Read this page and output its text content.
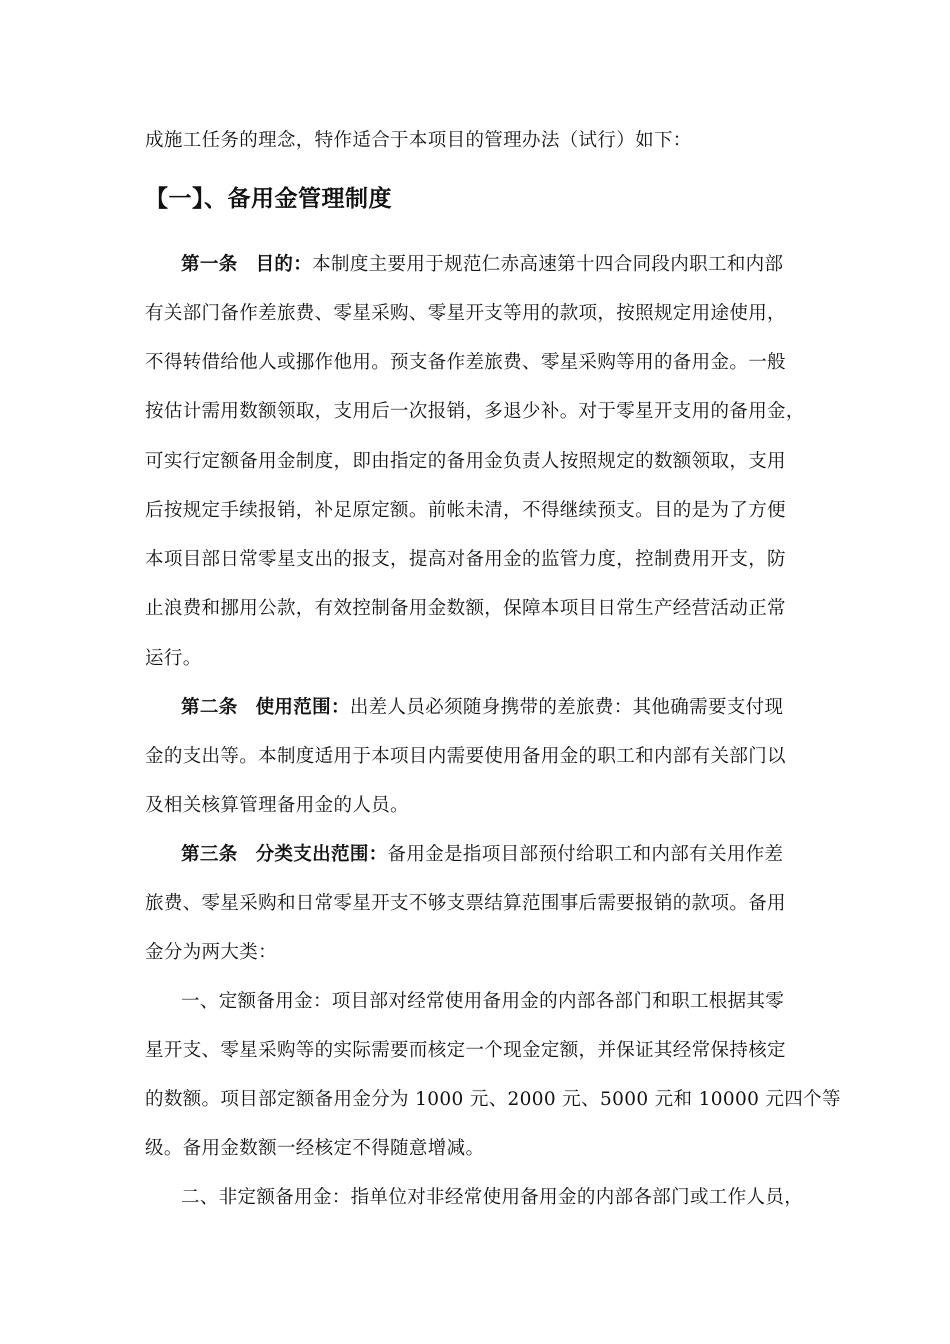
成施工任务的理念，特作适合于本项目的管理办法（试行）如下：
【一】、备用金管理制度
第一条 目的：本制度主要用于规范仁赤高速第十四合同段内职工和内部
有关部门备作差旅费、零星采购、零星开支等用的款项，按照规定用途使用，
不得转借给他人或挪作他用。预支备作差旅费、零星采购等用的备用金。一般
按估计需用数额领取，支用后一次报销，多退少补。对于零星开支用的备用金，
可实行定额备用金制度，即由指定的备用金负责人按照规定的数额领取，支用
后按规定手续报销，补足原定额。前帐未清，不得继续预支。目的是为了方便
本项目部日常零星支出的报支，提高对备用金的监管力度，控制费用开支，防
止浪费和挪用公款，有效控制备用金数额，保障本项目日常生产经营活动正常
运行。
第二条 使用范围：出差人员必须随身携带的差旅费：其他确需要支付现
金的支出等。本制度适用于本项目内需要使用备用金的职工和内部有关部门以
及相关核算管理备用金的人员。
第三条 分类支出范围：备用金是指项目部预付给职工和内部有关用作差
旅费、零星采购和日常零星开支不够支票结算范围事后需要报销的款项。备用
金分为两大类：
一、定额备用金：项目部对经常使用备用金的内部各部门和职工根据其零
星开支、零星采购等的实际需要而核定一个现金定额，并保证其经常保持核定
的数额。项目部定额备用金分为 1000 元、2000 元、5000 元和 10000 元四个等
级。备用金数额一经核定不得随意增减。
二、非定额备用金：指单位对非经常使用备用金的内部各部门或工作人员，
